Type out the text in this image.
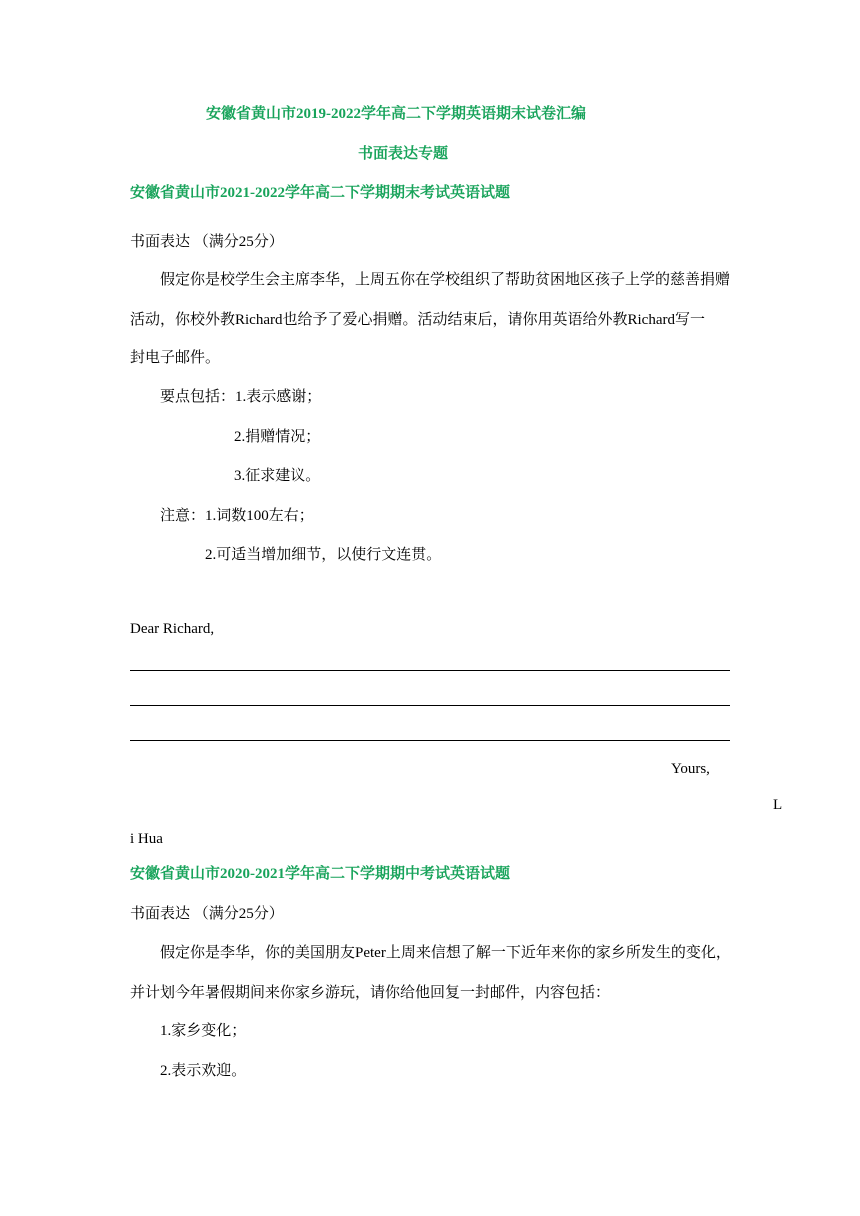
安徽省黄山市2019-2022学年高二下学期英语期末试卷汇编
书面表达专题
安徽省黄山市2021-2022学年高二下学期期末考试英语试题
书面表达 （满分25分）
假定你是校学生会主席李华，上周五你在学校组织了帮助贫困地区孩子上学的慈善捐赠
活动，你校外教Richard也给予了爱心捐赠。活动结束后，请你用英语给外教Richard写一
封电子邮件。
要点包括：1.表示感谢；
2.捐赠情况；
3.征求建议。
注意：1.词数100左右；
2.可适当增加细节，以使行文连贯。
Dear Richard,
Yours,
L
i Hua
安徽省黄山市2020-2021学年高二下学期期中考试英语试题
书面表达 （满分25分）
假定你是李华，你的美国朋友Peter上周来信想了解一下近年来你的家乡所发生的变化，
并计划今年暑假期间来你家乡游玩，请你给他回复一封邮件，内容包括：
1.家乡变化；
2.表示欢迎。
